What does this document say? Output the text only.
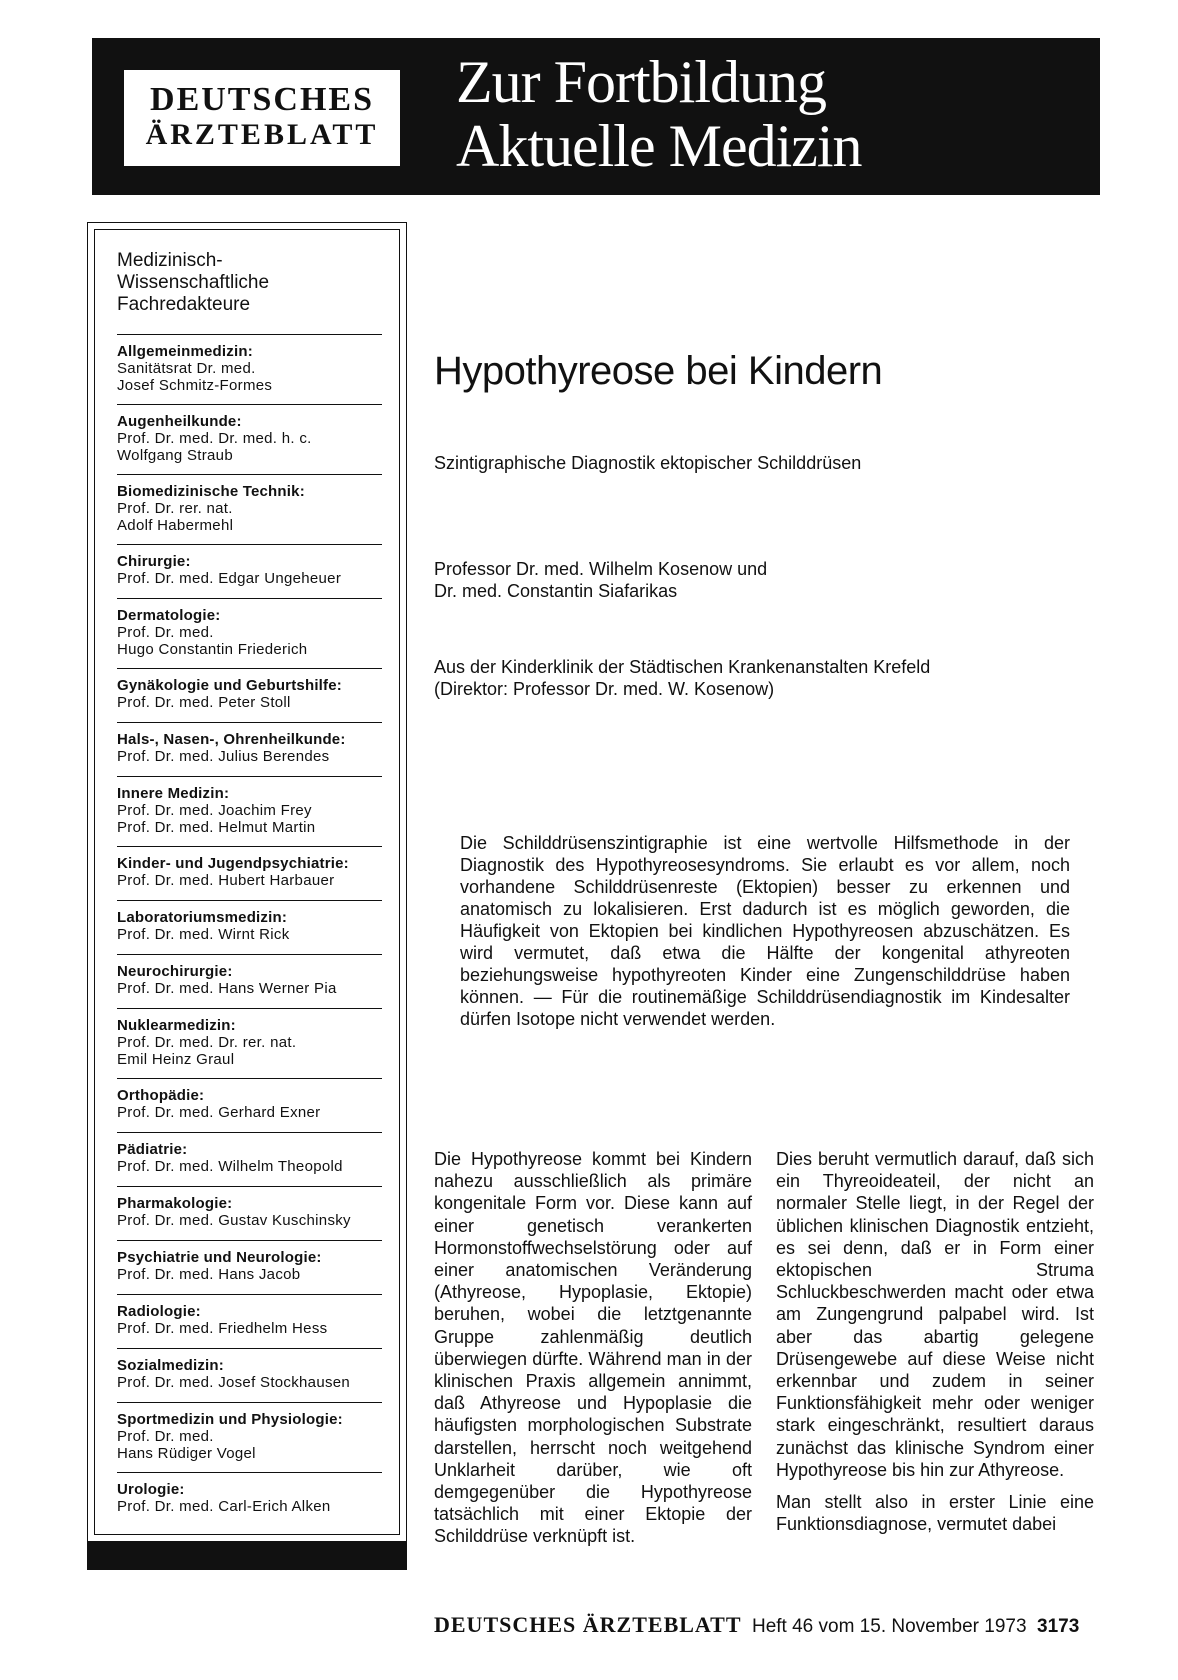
DEUTSCHES
ÄRZTEBLATT
Zur Fortbildung
Aktuelle Medizin
Medizinisch-
Wissenschaftliche
Fachredakteure
Allgemeinmedizin:
Sanitätsrat Dr. med.
Josef Schmitz-Formes
Augenheilkunde:
Prof. Dr. med. Dr. med. h. c.
Wolfgang Straub
Biomedizinische Technik:
Prof. Dr. rer. nat.
Adolf Habermehl
Chirurgie:
Prof. Dr. med. Edgar Ungeheuer
Dermatologie:
Prof. Dr. med.
Hugo Constantin Friederich
Gynäkologie und Geburtshilfe:
Prof. Dr. med. Peter Stoll
Hals-, Nasen-, Ohrenheilkunde:
Prof. Dr. med. Julius Berendes
Innere Medizin:
Prof. Dr. med. Joachim Frey
Prof. Dr. med. Helmut Martin
Kinder- und Jugendpsychiatrie:
Prof. Dr. med. Hubert Harbauer
Laboratoriumsmedizin:
Prof. Dr. med. Wirnt Rick
Neurochirurgie:
Prof. Dr. med. Hans Werner Pia
Nuklearmedizin:
Prof. Dr. med. Dr. rer. nat.
Emil Heinz Graul
Orthopädie:
Prof. Dr. med. Gerhard Exner
Pädiatrie:
Prof. Dr. med. Wilhelm Theopold
Pharmakologie:
Prof. Dr. med. Gustav Kuschinsky
Psychiatrie und Neurologie:
Prof. Dr. med. Hans Jacob
Radiologie:
Prof. Dr. med. Friedhelm Hess
Sozialmedizin:
Prof. Dr. med. Josef Stockhausen
Sportmedizin und Physiologie:
Prof. Dr. med.
Hans Rüdiger Vogel
Urologie:
Prof. Dr. med. Carl-Erich Alken
Hypothyreose bei Kindern
Szintigraphische Diagnostik ektopischer Schilddrüsen
Professor Dr. med. Wilhelm Kosenow und
Dr. med. Constantin Siafarikas
Aus der Kinderklinik der Städtischen Krankenanstalten Krefeld
(Direktor: Professor Dr. med. W. Kosenow)
Die Schilddrüsenszintigraphie ist eine wertvolle Hilfsmethode in der Diagnostik des Hypothyreosesyndroms. Sie erlaubt es vor allem, noch vorhandene Schilddrüsenreste (Ektopien) besser zu erkennen und anatomisch zu lokalisieren. Erst dadurch ist es möglich geworden, die Häufigkeit von Ektopien bei kindlichen Hypothyreosen abzuschätzen. Es wird vermutet, daß etwa die Hälfte der kongenital athyreoten beziehungsweise hypothyreoten Kinder eine Zungenschilddrüse haben können. — Für die routinemäßige Schilddrüsendiagnostik im Kindesalter dürfen Isotope nicht verwendet werden.

Die Hypothyreose kommt bei Kindern nahezu ausschließlich als primäre kongenitale Form vor. Diese kann auf einer genetisch verankerten Hormonstoffwechselstörung oder auf einer anatomischen Veränderung (Athyreose, Hypoplasie, Ektopie) beruhen, wobei die letztgenannte Gruppe zahlenmäßig deutlich überwiegen dürfte. Während man in der klinischen Praxis allgemein annimmt, daß Athyreose und Hypoplasie die häufigsten morphologischen Substrate darstellen, herrscht noch weitgehend Unklarheit darüber, wie oft demgegenüber die Hypothyreose tatsächlich mit einer Ektopie der Schilddrüse verknüpft ist.

Dies beruht vermutlich darauf, daß sich ein Thyreoideateil, der nicht an normaler Stelle liegt, in der Regel der üblichen klinischen Diagnostik entzieht, es sei denn, daß er in Form einer ektopischen Struma Schluckbeschwerden macht oder etwa am Zungengrund palpabel wird. Ist aber das abartig gelegene Drüsengewebe auf diese Weise nicht erkennbar und zudem in seiner Funktionsfähigkeit mehr oder weniger stark eingeschränkt, resultiert daraus zunächst das klinische Syndrom einer Hypothyreose bis hin zur Athyreose.

Man stellt also in erster Linie eine Funktionsdiagnose, vermutet dabei

DEUTSCHES ÄRZTEBLATT Heft 46 vom 15. November 1973 3173
